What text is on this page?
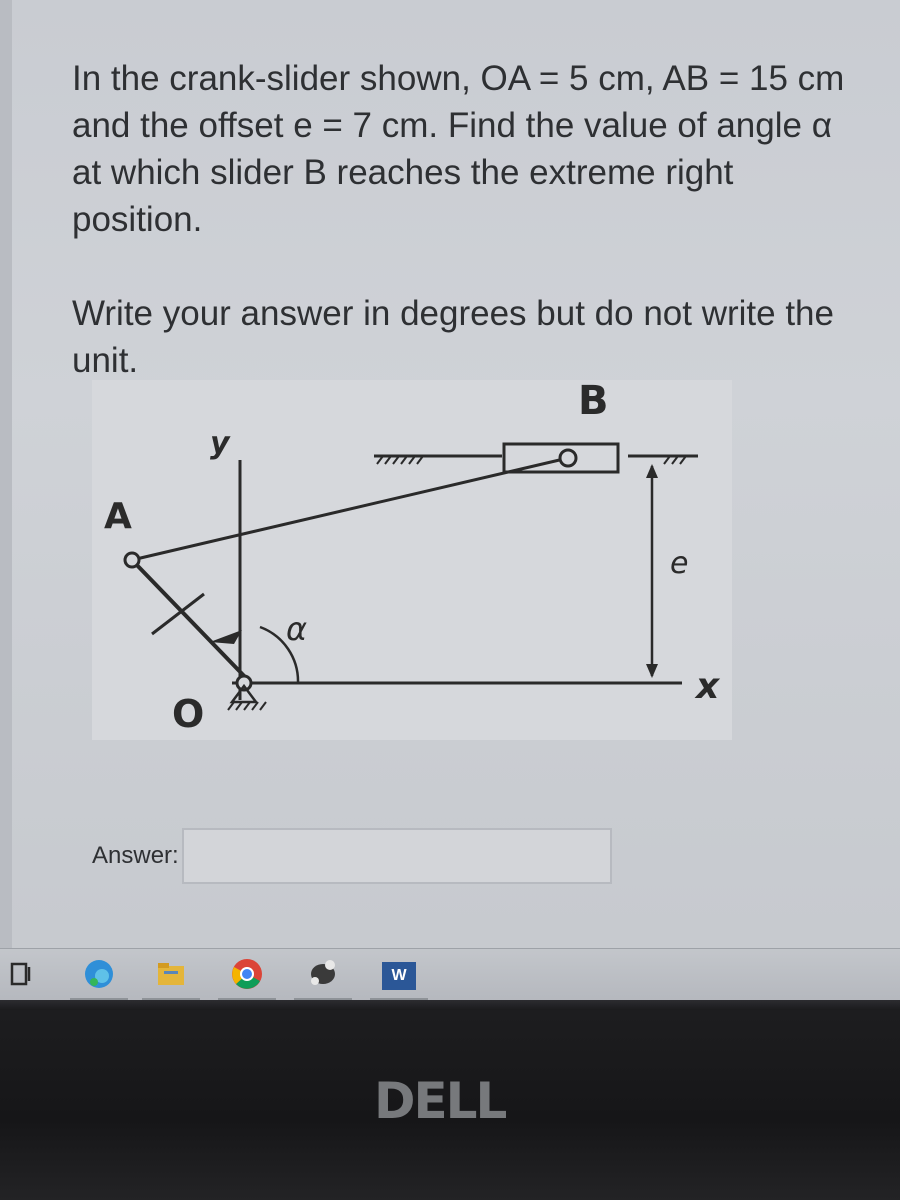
In the crank-slider shown, OA = 5 cm, AB = 15 cm and the offset e = 7 cm. Find the value of angle α at which slider B reaches the extreme right position.

Write your answer in degrees but do not write the unit.

B
y
A
e
α
O
x
Answer:
W
DELL
